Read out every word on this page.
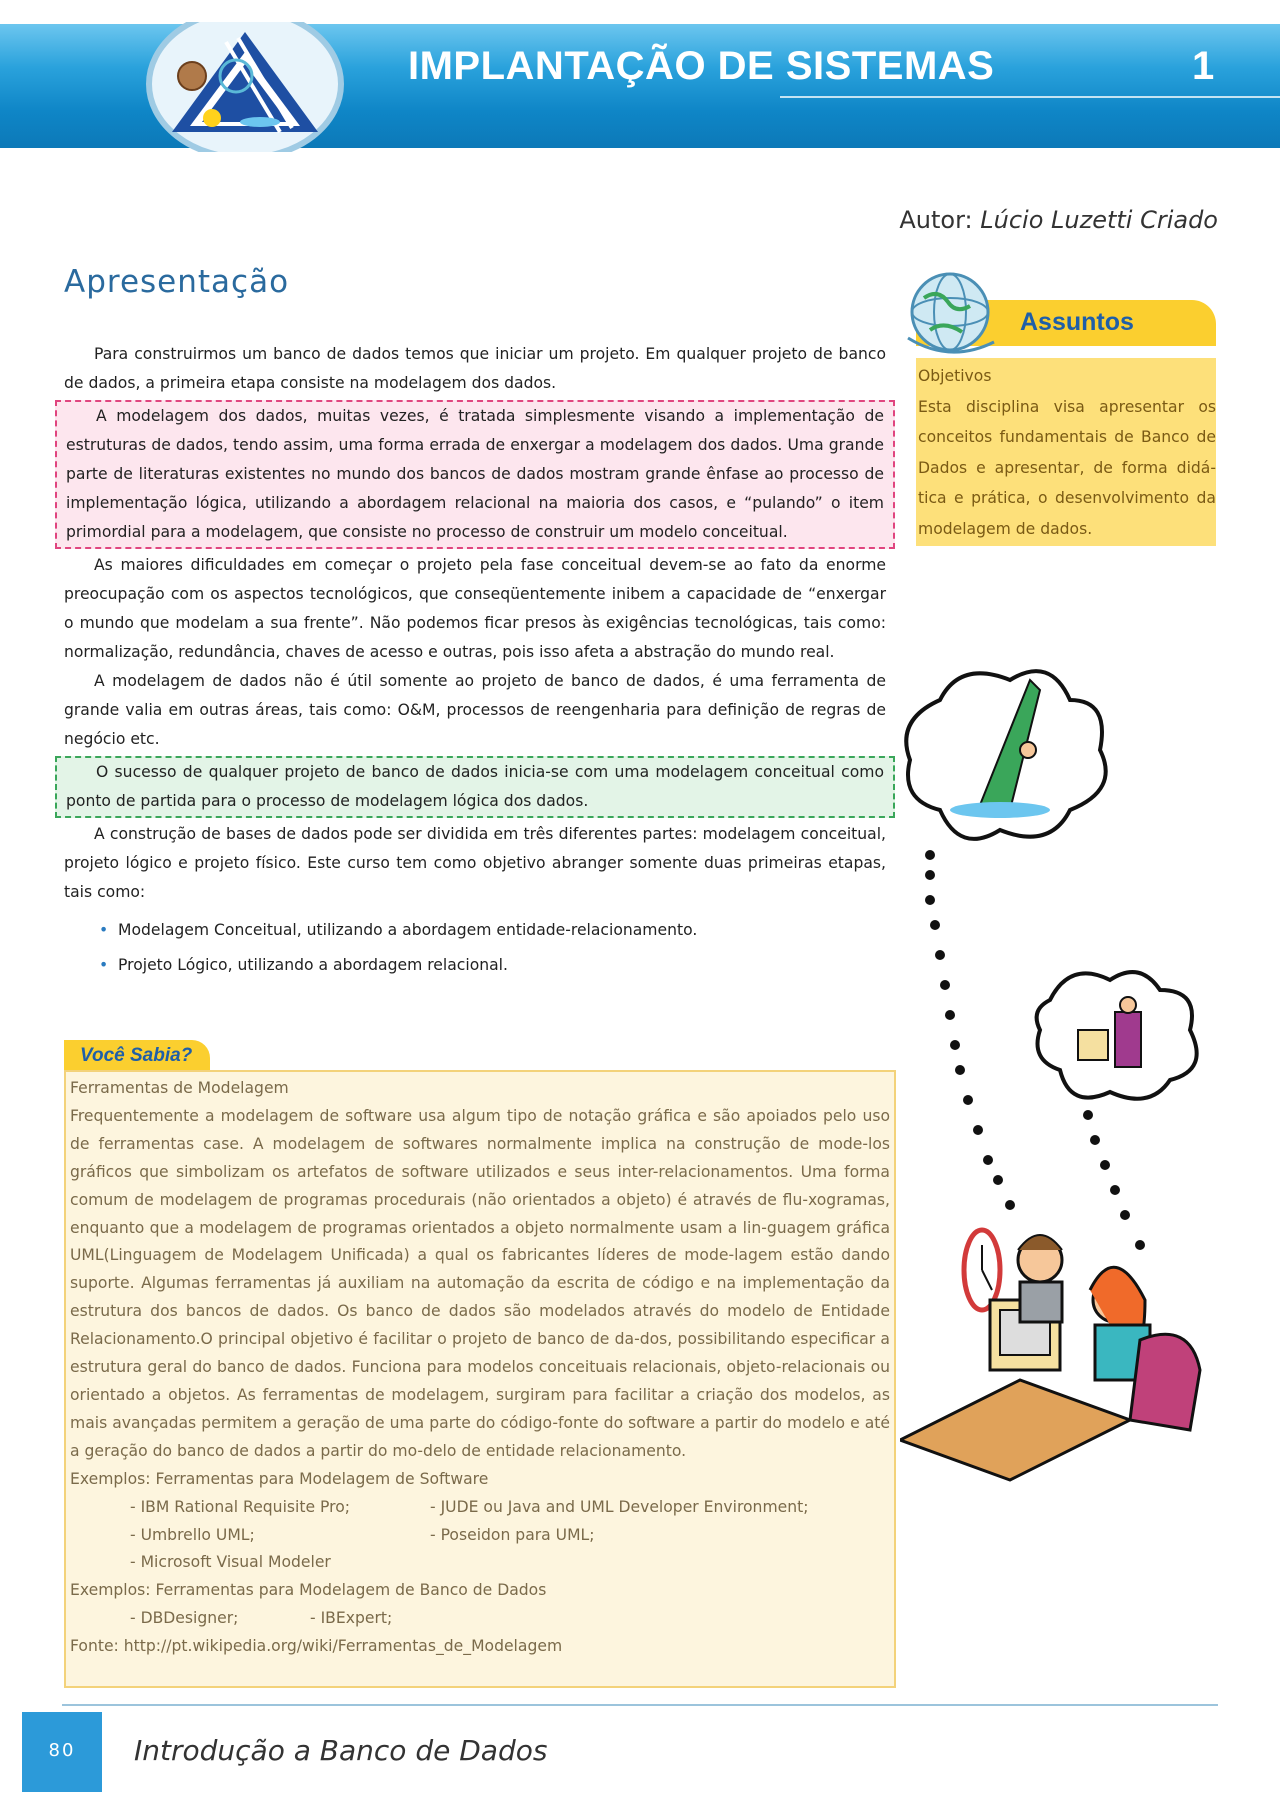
IMPLANTAÇÃO DE SISTEMAS	1
Autor: Lúcio Luzetti Criado
Apresentação

Para construirmos um banco de dados temos que iniciar um projeto. Em qualquer projeto de banco de dados, a primeira etapa consiste na modelagem dos dados.

A modelagem dos dados, muitas vezes, é tratada simplesmente visando a implementação de estruturas de dados, tendo assim, uma forma errada de enxergar a modelagem dos dados. Uma grande parte de literaturas existentes no mundo dos bancos de dados mostram grande ênfase ao processo de implementação lógica, utilizando a abordagem relacional na maioria dos casos, e “pulando” o item primordial para a modelagem, que consiste no processo de construir um modelo conceitual.

As maiores dificuldades em começar o projeto pela fase conceitual devem-se ao fato da enorme preocupação com os aspectos tecnológicos, que conseqüentemente inibem a capacidade de “enxergar o mundo que modelam a sua frente”. Não podemos ficar presos às exigências tecnológicas, tais como: normalização, redundância, chaves de acesso e outras, pois isso afeta a abstração do mundo real.

A modelagem de dados não é útil somente ao projeto de banco de dados, é uma ferramenta de grande valia em outras áreas, tais como: O&M, processos de reengenharia para definição de regras de negócio etc.

O sucesso de qualquer projeto de banco de dados inicia-se com uma modelagem conceitual como ponto de partida para o processo de modelagem lógica dos dados.

A construção de bases de dados pode ser dividida em três diferentes partes: modelagem conceitual, projeto lógico e projeto físico. Este curso tem como objetivo abranger somente duas primeiras etapas, tais como:

• Modelagem Conceitual, utilizando a abordagem entidade-relacionamento.
• Projeto Lógico, utilizando a abordagem relacional.
Assuntos
Objetivos
Esta disciplina visa apresentar os conceitos fundamentais de Banco de Dados e apresentar, de forma didá-tica e prática, o desenvolvimento da modelagem de dados.
Você Sabia?
Ferramentas de Modelagem
Frequentemente a modelagem de software usa algum tipo de notação gráfica e são apoiados pelo uso de ferramentas case. A modelagem de softwares normalmente implica na construção de mode-los gráficos que simbolizam os artefatos de software utilizados e seus inter-relacionamentos. Uma forma comum de modelagem de programas procedurais (não orientados a objeto) é através de flu-xogramas, enquanto que a modelagem de programas orientados a objeto normalmente usam a lin-guagem gráfica UML(Linguagem de Modelagem Unificada) a qual os fabricantes líderes de mode-lagem estão dando suporte. Algumas ferramentas já auxiliam na automação da escrita de código e na implementação da estrutura dos bancos de dados. Os banco de dados são modelados através do modelo de Entidade Relacionamento.O principal objetivo é facilitar o projeto de banco de da-dos, possibilitando especificar a estrutura geral do banco de dados. Funciona para modelos conceituais relacionais, objeto-relacionais ou orientado a objetos. As ferramentas de modelagem, surgiram para facilitar a criação dos modelos, as mais avançadas permitem a geração de uma parte do código-fonte do software a partir do modelo e até a geração do banco de dados a partir do mo-delo de entidade relacionamento.
Exemplos: Ferramentas para Modelagem de Software
- IBM Rational Requisite Pro;	- JUDE ou Java and UML Developer Environment;
- Umbrello UML;	- Poseidon para UML;
- Microsoft Visual Modeler
Exemplos: Ferramentas para Modelagem de Banco de Dados
- DBDesigner;	- IBExpert;
Fonte: http://pt.wikipedia.org/wiki/Ferramentas_de_Modelagem
80	Introdução a Banco de Dados
